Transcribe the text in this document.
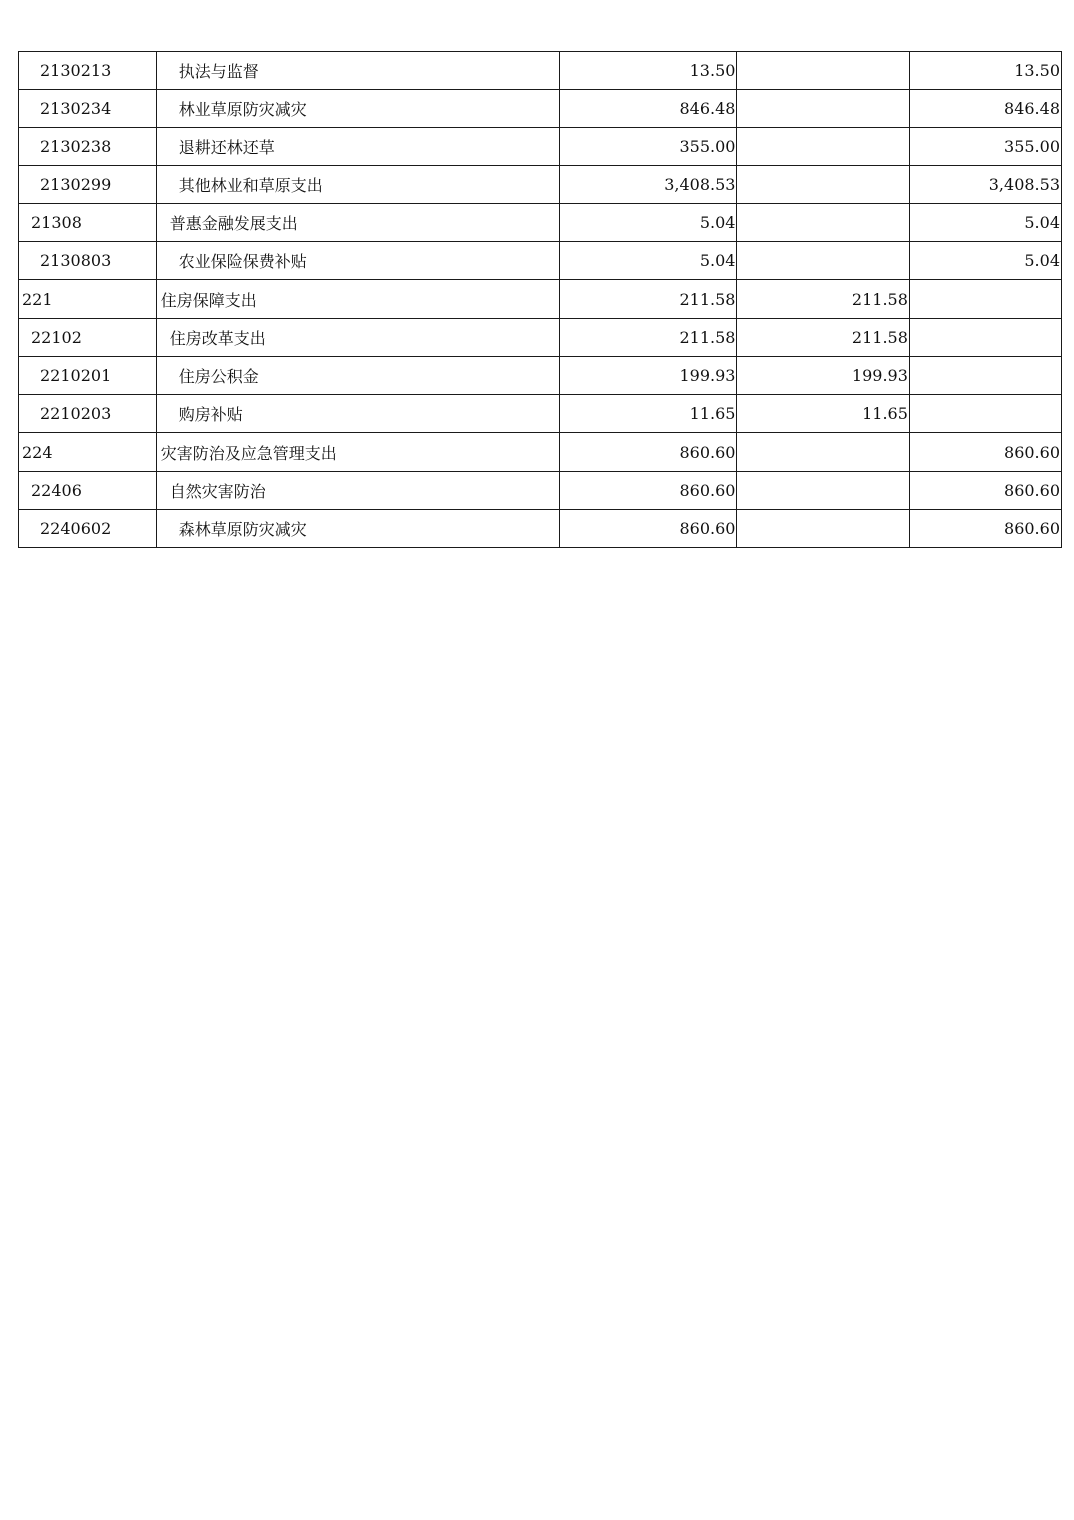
2130213	执法与监督	13.50		13.50
2130234	林业草原防灾减灾	846.48		846.48
2130238	退耕还林还草	355.00		355.00
2130299	其他林业和草原支出	3,408.53		3,408.53
21308	普惠金融发展支出	5.04		5.04
2130803	农业保险保费补贴	5.04		5.04
221	住房保障支出	211.58	211.58	
22102	住房改革支出	211.58	211.58	
2210201	住房公积金	199.93	199.93	
2210203	购房补贴	11.65	11.65	
224	灾害防治及应急管理支出	860.60		860.60
22406	自然灾害防治	860.60		860.60
2240602	森林草原防灾减灾	860.60		860.60
